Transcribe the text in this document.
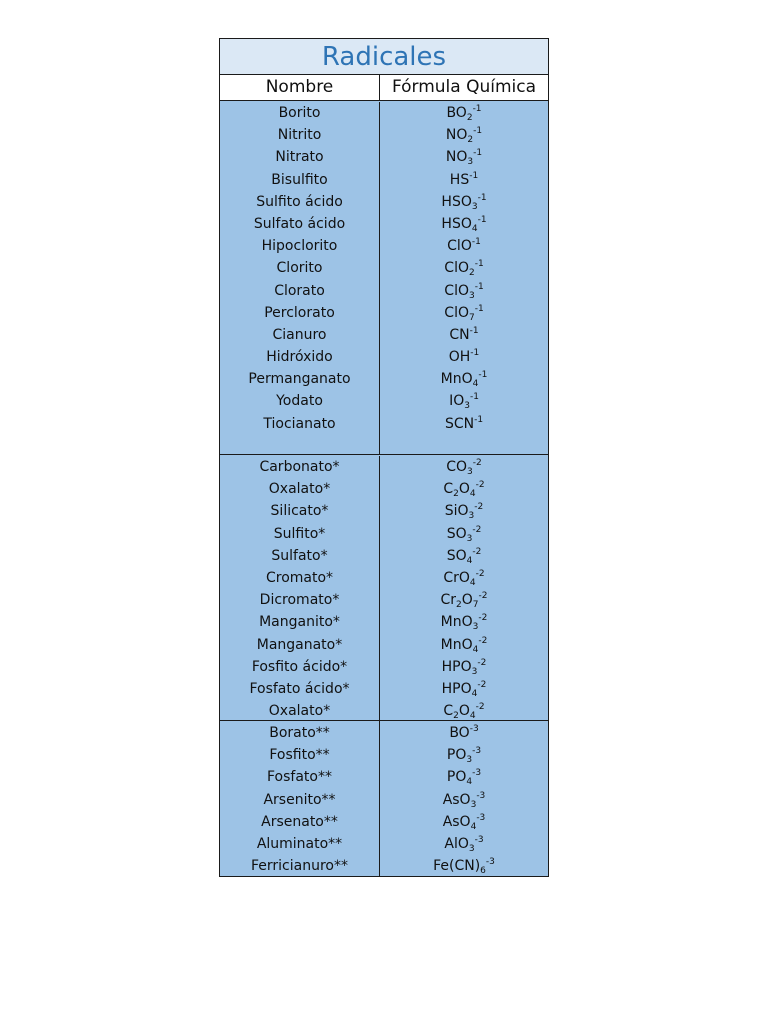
Radicales
Nombre	Fórmula Química
Borito	$BO_2^{-1}$
Nitrito	$NO_2^{-1}$
Nitrato	$NO_3^{-1}$
Bisulfito	$HS^{-1}$
Sulfito ácido	$HSO_3^{-1}$
Sulfato ácido	$HSO_4^{-1}$
Hipoclorito	ClO$^{-1}$
Clorito	ClO$_2^{-1}$
Clorato	ClO$_3^{-1}$
Perclorato	ClO$_7^{-1}$
Cianuro	$CN^{-1}$
Hidróxido	$OH^{-1}$
Permanganato	MnO$_4^{-1}$
Yodato	$IO_3^{-1}$
Tiocianato	$SCN^{-1}$
Carbonato*	$CO_3^{-2}$
Oxalato*	$C_2O_4^{-2}$
Silicato*	SiO$_3^{-2}$
Sulfito*	$SO_3^{-2}$
Sulfato*	$SO_4^{-2}$
Cromato*	CrO$_4^{-2}$
Dicromato*	$Cr_2O_7^{-2}$
Manganito*	MnO$_3^{-2}$
Manganato*	MnO$_4^{-2}$
Fosfito ácido*	$HPO_3^{-2}$
Fosfato ácido*	$HPO_4^{-2}$
Oxalato*	$C_2O_4^{-2}$
Borato**	$BO^{-3}$
Fosfito**	$PO_3^{-3}$
Fosfato**	$PO_4^{-3}$
Arsenito**	AsO$_3^{-3}$
Arsenato**	AsO$_4^{-3}$
Aluminato**	AlO$_3^{-3}$
Ferricianuro**	$Fe(CN)_6^{-3}$
